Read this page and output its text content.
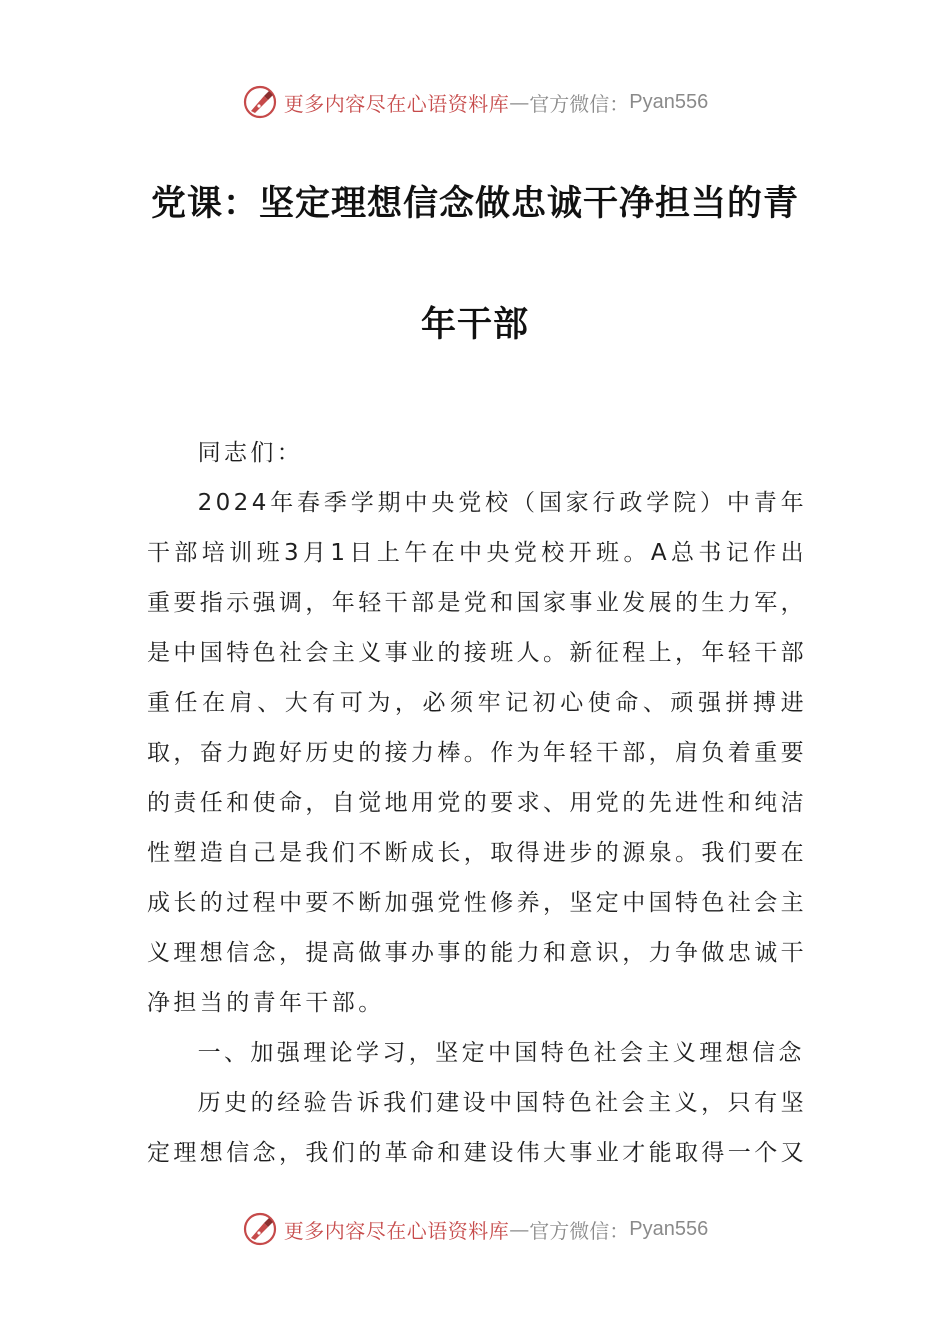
更多内容尽在心语资料库 — 官方微信： Pyan556
党课：坚定理想信念做忠诚干净担当的青
年干部

同志们：

2024年春季学期中央党校（国家行政学院）中青年干部培训班3月1日上午在中央党校开班。A总书记作出重要指示强调，年轻干部是党和国家事业发展的生力军，是中国特色社会主义事业的接班人。新征程上，年轻干部重任在肩、大有可为，必须牢记初心使命、顽强拼搏进取，奋力跑好历史的接力棒。作为年轻干部，肩负着重要的责任和使命，自觉地用党的要求、用党的先进性和纯洁性塑造自己是我们不断成长，取得进步的源泉。我们要在成长的过程中要不断加强党性修养，坚定中国特色社会主义理想信念，提高做事办事的能力和意识，力争做忠诚干净担当的青年干部。

一、加强理论学习，坚定中国特色社会主义理想信念

历史的经验告诉我们建设中国特色社会主义，只有坚定理想信念，我们的革命和建设伟大事业才能取得一个又

更多内容尽在心语资料库 — 官方微信： Pyan556
